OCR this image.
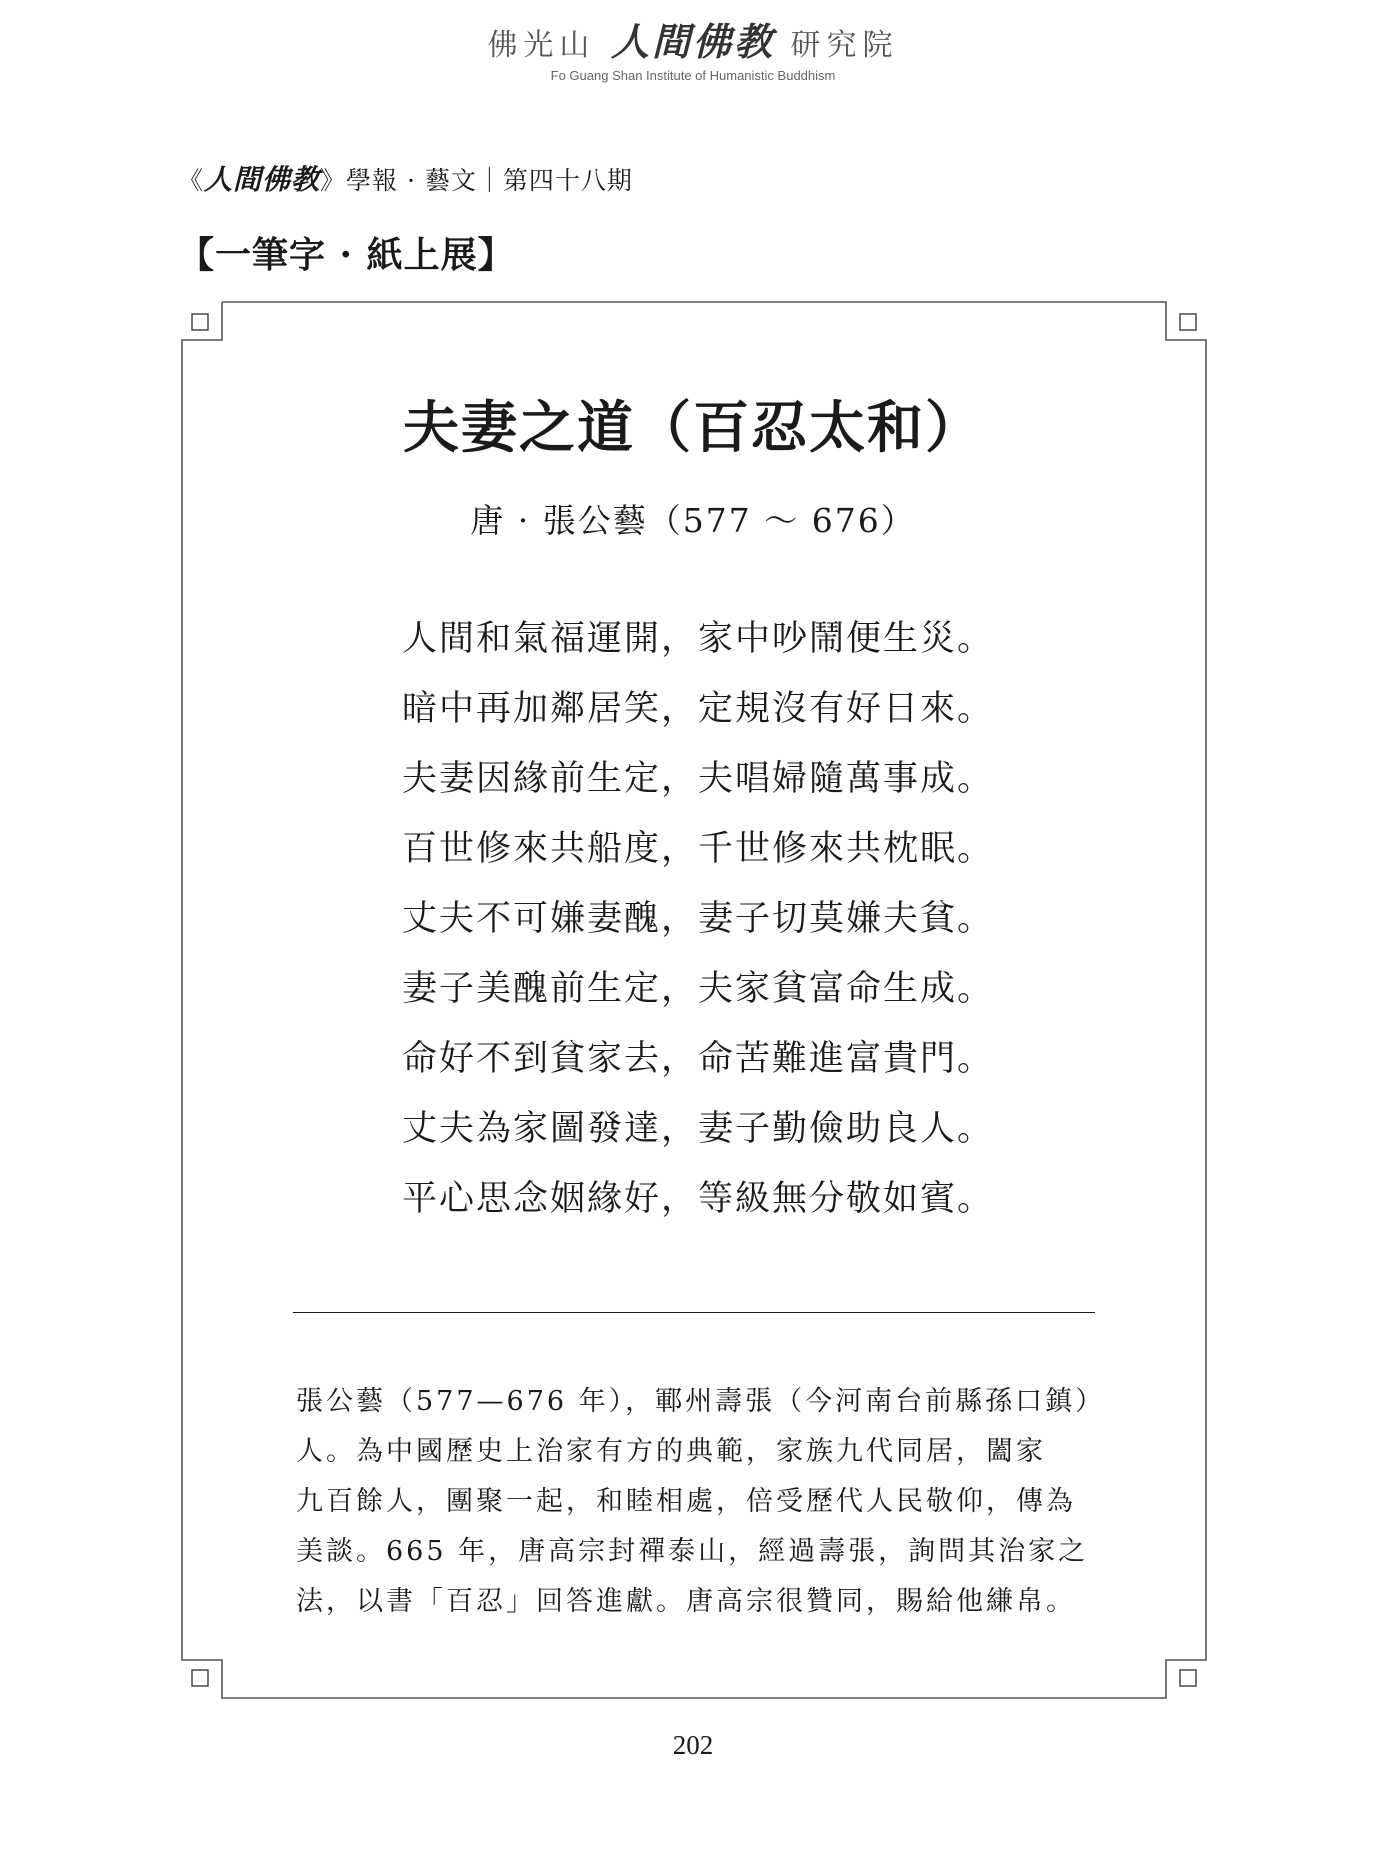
佛光山 人間佛教 研究院
Fo Guang Shan Institute of Humanistic Buddhism
《人間佛教》學報 · 藝文｜第四十八期
【一筆字 · 紙上展】
夫妻之道（百忍太和）
唐 · 張公藝（577 ～ 676）
人間和氣福運開，家中吵鬧便生災。
暗中再加鄰居笑，定規沒有好日來。
夫妻因緣前生定，夫唱婦隨萬事成。
百世修來共船度，千世修來共枕眠。
丈夫不可嫌妻醜，妻子切莫嫌夫貧。
妻子美醜前生定，夫家貧富命生成。
命好不到貧家去，命苦難進富貴門。
丈夫為家圖發達，妻子勤儉助良人。
平心思念姻緣好，等級無分敬如賓。
張公藝（577—676 年），鄆州壽張（今河南台前縣孫口鎮）
人。為中國歷史上治家有方的典範，家族九代同居，闔家
九百餘人，團聚一起，和睦相處，倍受歷代人民敬仰，傳為
美談。665 年，唐高宗封禪泰山，經過壽張，詢問其治家之
法，以書「百忍」回答進獻。唐高宗很贊同，賜給他縑帛。
202
